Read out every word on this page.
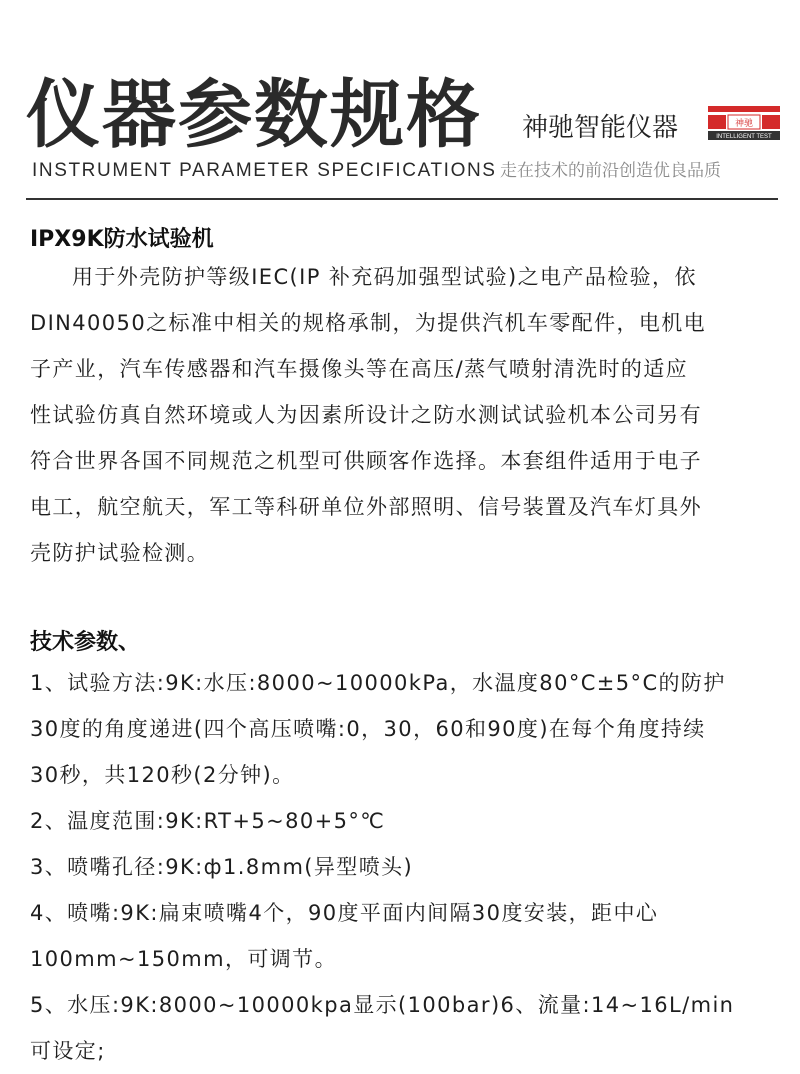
仪器参数规格
INSTRUMENT PARAMETER SPECIFICATIONS
神驰智能仪器	神驰
INTELLIGENT TEST
走在技术的前沿创造优良品质
IPX9K防水试验机

用于外壳防护等级IEC(IP 补充码加强型试验)之电产品检验，依

DIN40050之标准中相关的规格承制，为提供汽机车零配件，电机电

子产业，汽车传感器和汽车摄像头等在高压/蒸气喷射清洗时的适应

性试验仿真自然环境或人为因素所设计之防水测试试验机本公司另有

符合世界各国不同规范之机型可供顾客作选择。本套组件适用于电子

电工，航空航天，军工等科研单位外部照明、信号装置及汽车灯具外

壳防护试验检测。

技术参数、

1、试验方法:9K:水压:8000~10000kPa，水温度80°C±5°C的防护

30度的角度递进(四个高压喷嘴:0，30，60和90度)在每个角度持续

30秒，共120秒(2分钟)。

2、温度范围:9K:RT+5~80+5°℃

3、喷嘴孔径:9K:ф1.8mm(异型喷头)

4、喷嘴:9K:扁束喷嘴4个，90度平面内间隔30度安装，距中心

100mm~150mm，可调节。

5、水压:9K:8000~10000kpa显示(100bar)6、流量:14~16L/min

可设定;
